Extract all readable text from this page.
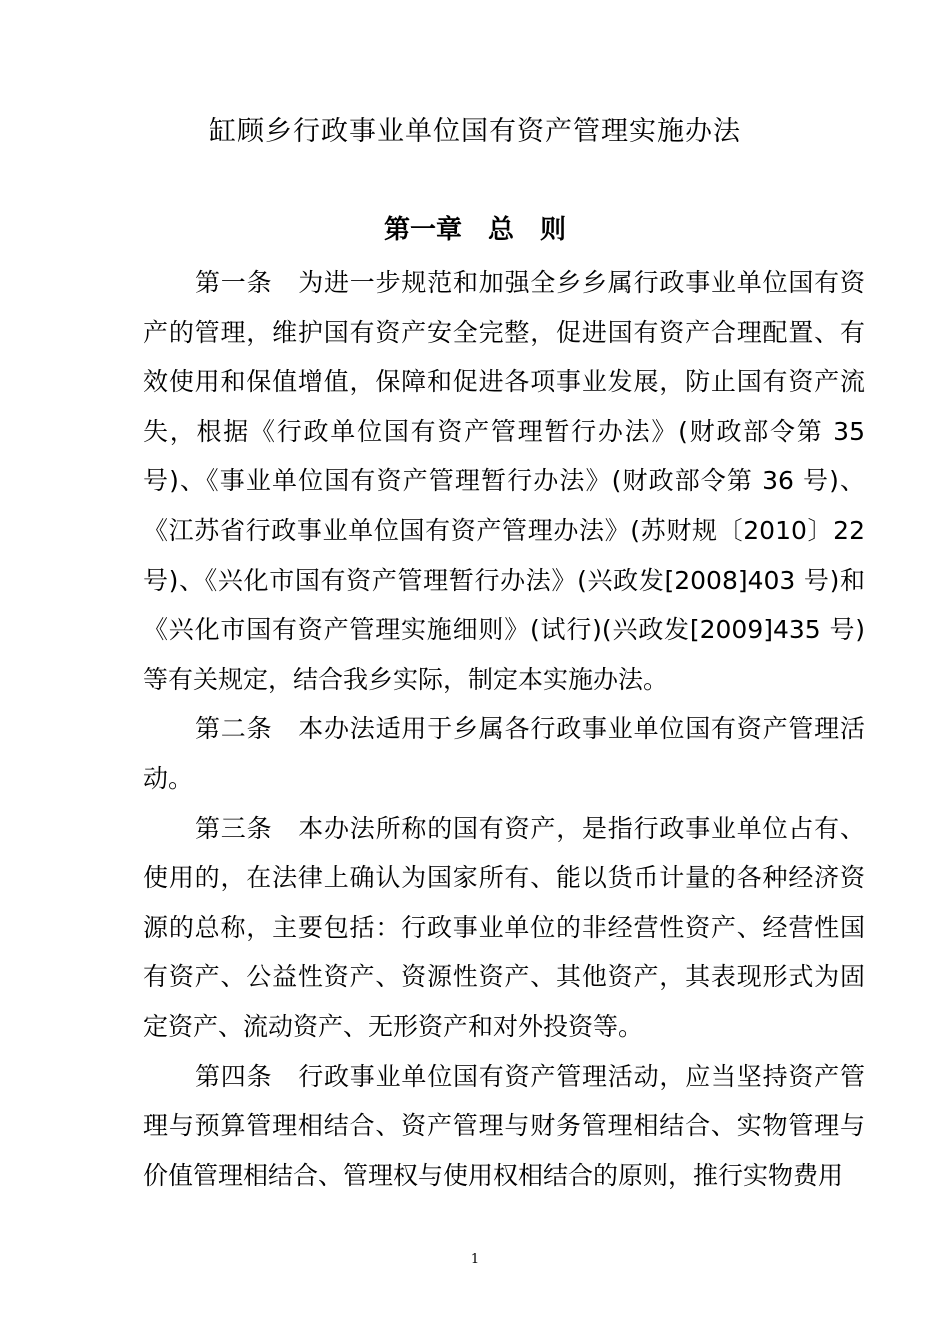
缸顾乡行政事业单位国有资产管理实施办法
第一章　总　则

第一条　为进一步规范和加强全乡乡属行政事业单位国有资产的管理，维护国有资产安全完整，促进国有资产合理配置、有效使用和保值增值，保障和促进各项事业发展，防止国有资产流失，根据《行政单位国有资产管理暂行办法》(财政部令第 35 号)、《事业单位国有资产管理暂行办法》(财政部令第 36 号)、《江苏省行政事业单位国有资产管理办法》(苏财规〔2010〕22 号)、《兴化市国有资产管理暂行办法》(兴政发[2008]403 号)和《兴化市国有资产管理实施细则》(试行)(兴政发[2009]435 号)等有关规定，结合我乡实际，制定本实施办法。

第二条　本办法适用于乡属各行政事业单位国有资产管理活动。

第三条　本办法所称的国有资产，是指行政事业单位占有、使用的，在法律上确认为国家所有、能以货币计量的各种经济资源的总称，主要包括：行政事业单位的非经营性资产、经营性国有资产、公益性资产、资源性资产、其他资产，其表现形式为固定资产、流动资产、无形资产和对外投资等。

第四条　行政事业单位国有资产管理活动，应当坚持资产管理与预算管理相结合、资产管理与财务管理相结合、实物管理与价值管理相结合、管理权与使用权相结合的原则，推行实物费用

1
